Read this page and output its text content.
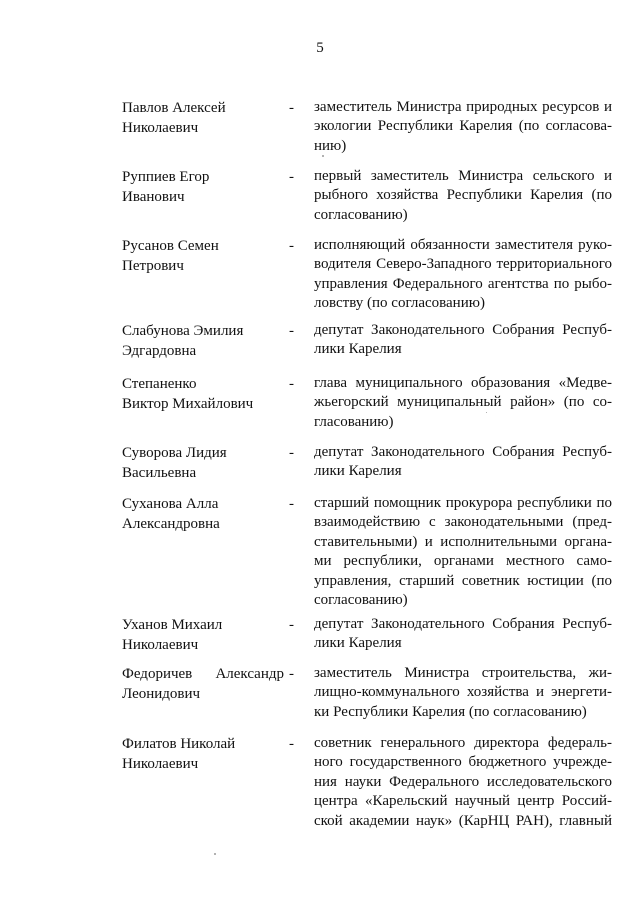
5
Павлов Алексей
Николаевич
- заместитель Министра природных ресурсов и
экологии Республики Карелия (по согласова-
нию)
Руппиев Егор
Иванович
- первый заместитель Министра сельского и
рыбного хозяйства Республики Карелия (по
согласованию)
Русанов Семен
Петрович
- исполняющий обязанности заместителя руко-
водителя Северо-Западного территориального
управления Федерального агентства по рыбо-
ловству (по согласованию)
Слабунова Эмилия
Эдгардовна
- депутат Законодательного Собрания Респуб-
лики Карелия
Степаненко
Виктор Михайлович
- глава муниципального образования «Медве-
жьегорский муниципальный район» (по со-
гласованию)
Суворова Лидия
Васильевна
- депутат Законодательного Собрания Респуб-
лики Карелия
Суханова Алла
Александровна
- старший помощник прокурора республики по
взаимодействию с законодательными (пред-
ставительными) и исполнительными органа-
ми республики, органами местного само-
управления, старший советник юстиции (по
согласованию)
Уханов Михаил
Николаевич
- депутат Законодательного Собрания Респуб-
лики Карелия
Федоричев Александр
Леонидович
- заместитель Министра строительства, жи-
лищно-коммунального хозяйства и энергети-
ки Республики Карелия (по согласованию)
Филатов Николай
Николаевич
- советник генерального директора федераль-
ного государственного бюджетного учрежде-
ния науки Федерального исследовательского
центра «Карельский научный центр Россий-
ской академии наук» (КарНЦ РАН), главный
